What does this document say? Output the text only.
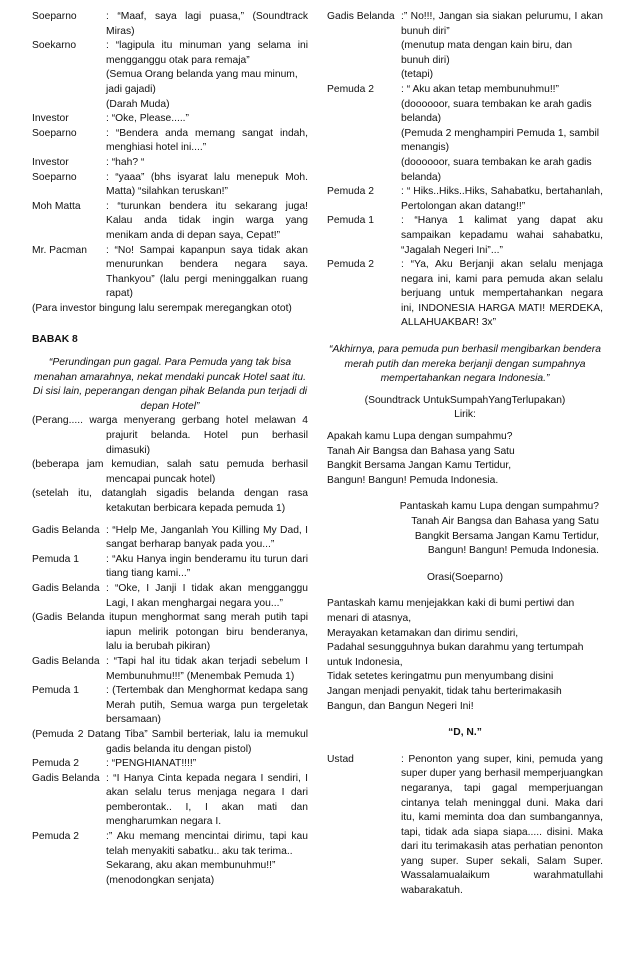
Soeparno	: “Maaf, saya lagi puasa,” (Soundtrack Miras)
Soekarno	: “lagipula itu minuman yang selama ini mengganggu otak para remaja”
(Semua Orang belanda yang mau minum, jadi gajadi)
(Darah Muda)
Investor	: “Oke, Please.....”
Soeparno	: “Bendera anda memang sangat indah, menghiasi hotel ini....”
Investor	: “hah? “
Soeparno	: “yaaa” (bhs isyarat lalu menepuk Moh. Matta) “silahkan teruskan!”
Moh Matta	: “turunkan bendera itu sekarang juga! Kalau anda tidak ingin warga yang menikam anda di depan saya, Cepat!”
Mr. Pacman	: “No! Sampai kapanpun saya tidak akan menurunkan bendera negara saya. Thankyou” (lalu pergi meninggalkan ruang rapat)
(Para investor bingung lalu serempak meregangkan otot)
BABAK 8
“Perundingan pun gagal. Para Pemuda yang tak bisa menahan amarahnya, nekat mendaki puncak Hotel saat itu. Di sisi lain, peperangan dengan pihak Belanda pun terjadi di depan Hotel”
(Perang..... warga menyerang gerbang hotel melawan 4 prajurit belanda. Hotel pun berhasil dimasuki)
(beberapa jam kemudian, salah satu pemuda berhasil mencapai puncak hotel)
(setelah itu, datanglah sigadis belanda dengan rasa ketakutan berbicara kepada pemuda 1)
Gadis Belanda : “Help Me, Janganlah You Killing My Dad, I sangat berharap banyak pada you...”
Pemuda 1	: “Aku Hanya ingin benderamu itu turun dari tiang tiang kami...”
Gadis Belanda : “Oke, I Janji I tidak akan mengganggu Lagi, I akan menghargai negara you...”
(Gadis Belanda itupun menghormat sang merah putih tapi iapun melirik potongan biru benderanya, lalu ia berubah pikiran)
Gadis Belanda : “Tapi hal itu tidak akan terjadi sebelum I Membunuhmu!!!” (Menembak Pemuda 1)
Pemuda 1	: (Tertembak dan Menghormat kedapa sang Merah putih, Semua warga pun tergeletak bersamaan)
(Pemuda 2 Datang Tiba” Sambil berteriak, lalu ia memukul gadis belanda itu dengan pistol)
Pemuda 2	: “PENGHIANAT!!!!”
Gadis Belanda : “I Hanya Cinta kepada negara I sendiri, I akan selalu terus menjaga negara I dari pemberontak.. I, I akan mati dan mengharumkan negara I.
Pemuda 2	:” Aku memang mencintai dirimu, tapi kau telah menyakiti sabatku.. aku tak terima..
Sekarang, aku akan membunuhmu!!”
(menodongkan senjata)
Gadis Belanda :” No!!!, Jangan sia siakan pelurumu, I akan bunuh diri”
(menutup mata dengan kain biru, dan bunuh diri)
(tetapi)
Pemuda 2	: “ Aku akan tetap membunuhmu!!”
(doooooor, suara tembakan ke arah gadis belanda)
(Pemuda 2 menghampiri Pemuda 1, sambil menangis)
(doooooor, suara tembakan ke arah gadis belanda)
Pemuda 2	: “ Hiks..Hiks..Hiks, Sahabatku, bertahanlah, Pertolongan akan datang!!”
Pemuda 1	: “Hanya 1 kalimat yang dapat aku sampaikan kepadamu wahai sahabatku, “Jagalah Negeri Ini”...”
Pemuda 2	: “Ya, Aku Berjanji akan selalu menjaga negara ini, kami para pemuda akan selalu berjuang untuk mempertahankan negara ini, INDONESIA HARGA MATI! MERDEKA, ALLAHUAKBAR! 3x”
“Akhirnya, para pemuda pun berhasil mengibarkan bendera merah putih dan mereka berjanji dengan sumpahnya mempertahankan negara Indonesia.”
(Soundtrack UntukSumpahYangTerlupakan)
Lirik:
Apakah kamu Lupa dengan sumpahmu?
Tanah Air Bangsa dan Bahasa yang Satu
Bangkit Bersama Jangan Kamu Tertidur,
Bangun! Bangun! Pemuda Indonesia.
Pantaskah kamu Lupa dengan sumpahmu?
Tanah Air Bangsa dan Bahasa yang Satu
Bangkit Bersama Jangan Kamu Tertidur,
Bangun! Bangun! Pemuda Indonesia.
Orasi(Soeparno)
Pantaskah kamu menjejakkan kaki di bumi pertiwi dan
menari di atasnya,
Merayakan ketamakan dan dirimu sendiri,
Padahal sesungguhnya bukan darahmu yang tertumpah
untuk Indonesia,
Tidak setetes keringatmu pun menyumbang disini
Jangan menjadi penyakit, tidak tahu berterimakasih
Bangun, dan Bangun Negeri Ini!
“D, N.”
Ustad	: Penonton yang super, kini, pemuda yang super duper yang berhasil memperjuangkan negaranya, tapi gagal memperjuangan cintanya telah meninggal duni. Maka dari itu, kami meminta doa dan sumbangannya, tapi, tidak ada siapa siapa..... disini. Maka dari itu terimakasih atas perhatian penonton yang super. Super sekali, Salam Super. Wassalamualaikum warahmatullahi wabarakatuh.
